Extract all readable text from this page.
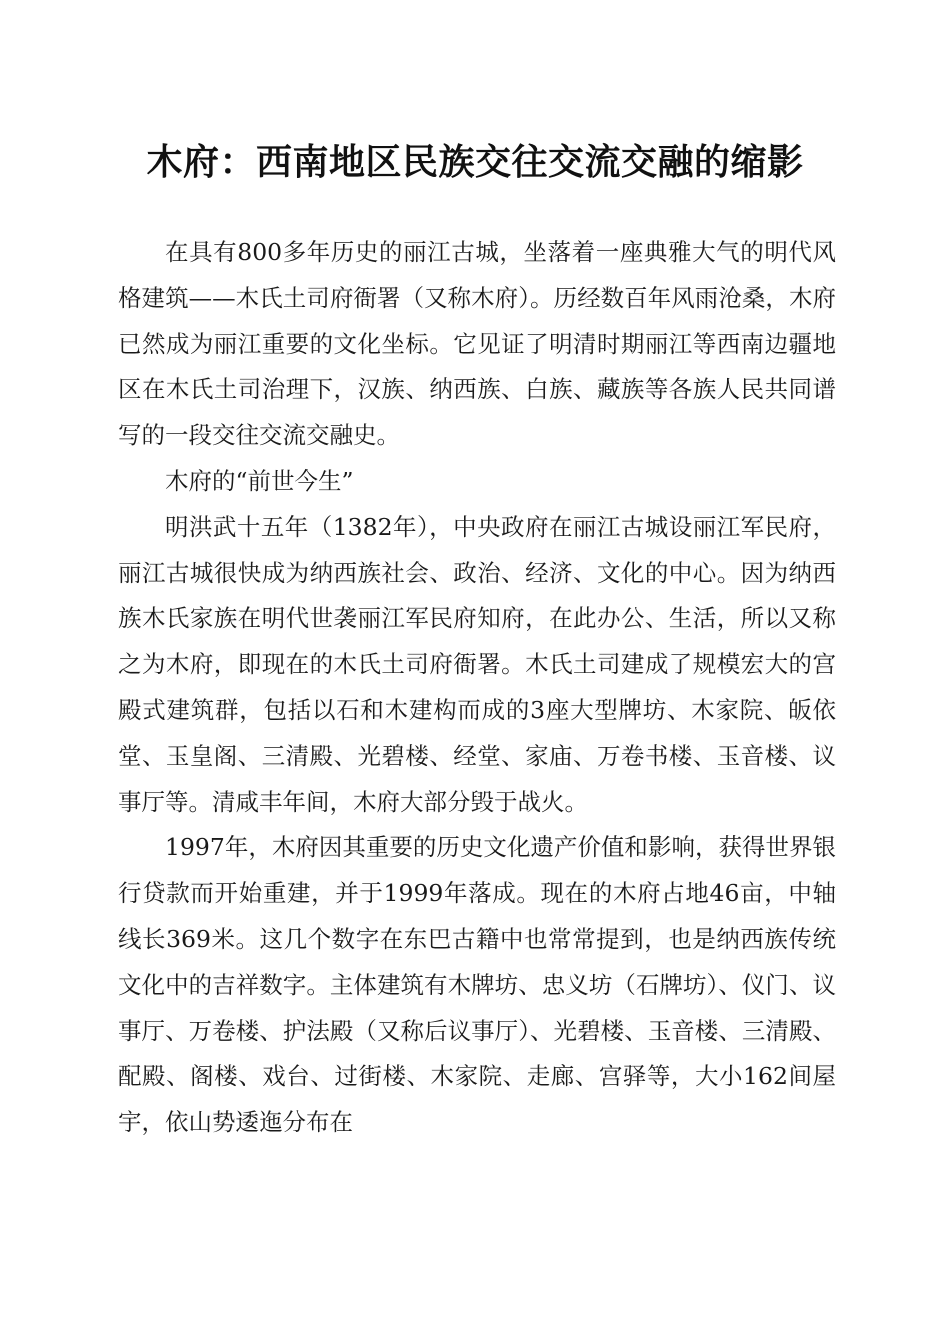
木府：西南地区民族交往交流交融的缩影

在具有800多年历史的丽江古城，坐落着一座典雅大气的明代风格建筑——木氏土司府衙署（又称木府）。历经数百年风雨沧桑，木府已然成为丽江重要的文化坐标。它见证了明清时期丽江等西南边疆地区在木氏土司治理下，汉族、纳西族、白族、藏族等各族人民共同谱写的一段交往交流交融史。

木府的“前世今生”

明洪武十五年（1382年），中央政府在丽江古城设丽江军民府，丽江古城很快成为纳西族社会、政治、经济、文化的中心。因为纳西族木氏家族在明代世袭丽江军民府知府，在此办公、生活，所以又称之为木府，即现在的木氏土司府衙署。木氏土司建成了规模宏大的宫殿式建筑群，包括以石和木建构而成的3座大型牌坊、木家院、皈依堂、玉皇阁、三清殿、光碧楼、经堂、家庙、万卷书楼、玉音楼、议事厅等。清咸丰年间，木府大部分毁于战火。

1997年，木府因其重要的历史文化遗产价值和影响，获得世界银行贷款而开始重建，并于1999年落成。现在的木府占地46亩，中轴线长369米。这几个数字在东巴古籍中也常常提到，也是纳西族传统文化中的吉祥数字。主体建筑有木牌坊、忠义坊（石牌坊）、仪门、议事厅、万卷楼、护法殿（又称后议事厅）、光碧楼、玉音楼、三清殿、配殿、阁楼、戏台、过街楼、木家院、走廊、宫驿等，大小162间屋宇，依山势逶迤分布在
